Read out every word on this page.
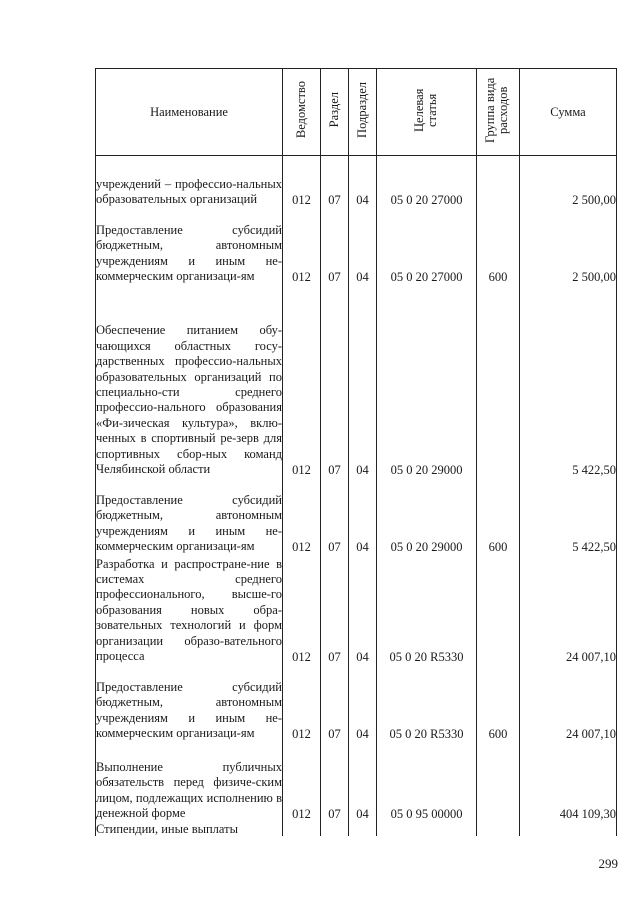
Наименование	Ведомство	Раздел	Подраздел	Целевая статья	Группа вида расходов	Сумма
учреждений – профессио-нальных образовательных организаций	012	07	04	05 0 20 27000		2 500,00
Предоставление субсидий бюджетным, автономным учреждениям и иным не-коммерческим организаци-ям	012	07	04	05 0 20 27000	600	2 500,00
Обеспечение питанием обу-чающихся областных госу-дарственных профессио-нальных образовательных организаций по специально-сти среднего профессио-нального образования «Фи-зическая культура», вклю-ченных в спортивный ре-зерв для спортивных сбор-ных команд Челябинской области	012	07	04	05 0 20 29000		5 422,50
Предоставление субсидий бюджетным, автономным учреждениям и иным не-коммерческим организаци-ям	012	07	04	05 0 20 29000	600	5 422,50
Разработка и распростране-ние в системах среднего профессионального, высше-го образования новых обра-зовательных технологий и форм организации образо-вательного процесса	012	07	04	05 0 20 R5330		24 007,10
Предоставление субсидий бюджетным, автономным учреждениям и иным не-коммерческим организаци-ям	012	07	04	05 0 20 R5330	600	24 007,10
Выполнение публичных обязательств перед физиче-ским лицом, подлежащих исполнению в денежной форме	012	07	04	05 0 95 00000		404 109,30
Стипендии, иные выплаты						
299
